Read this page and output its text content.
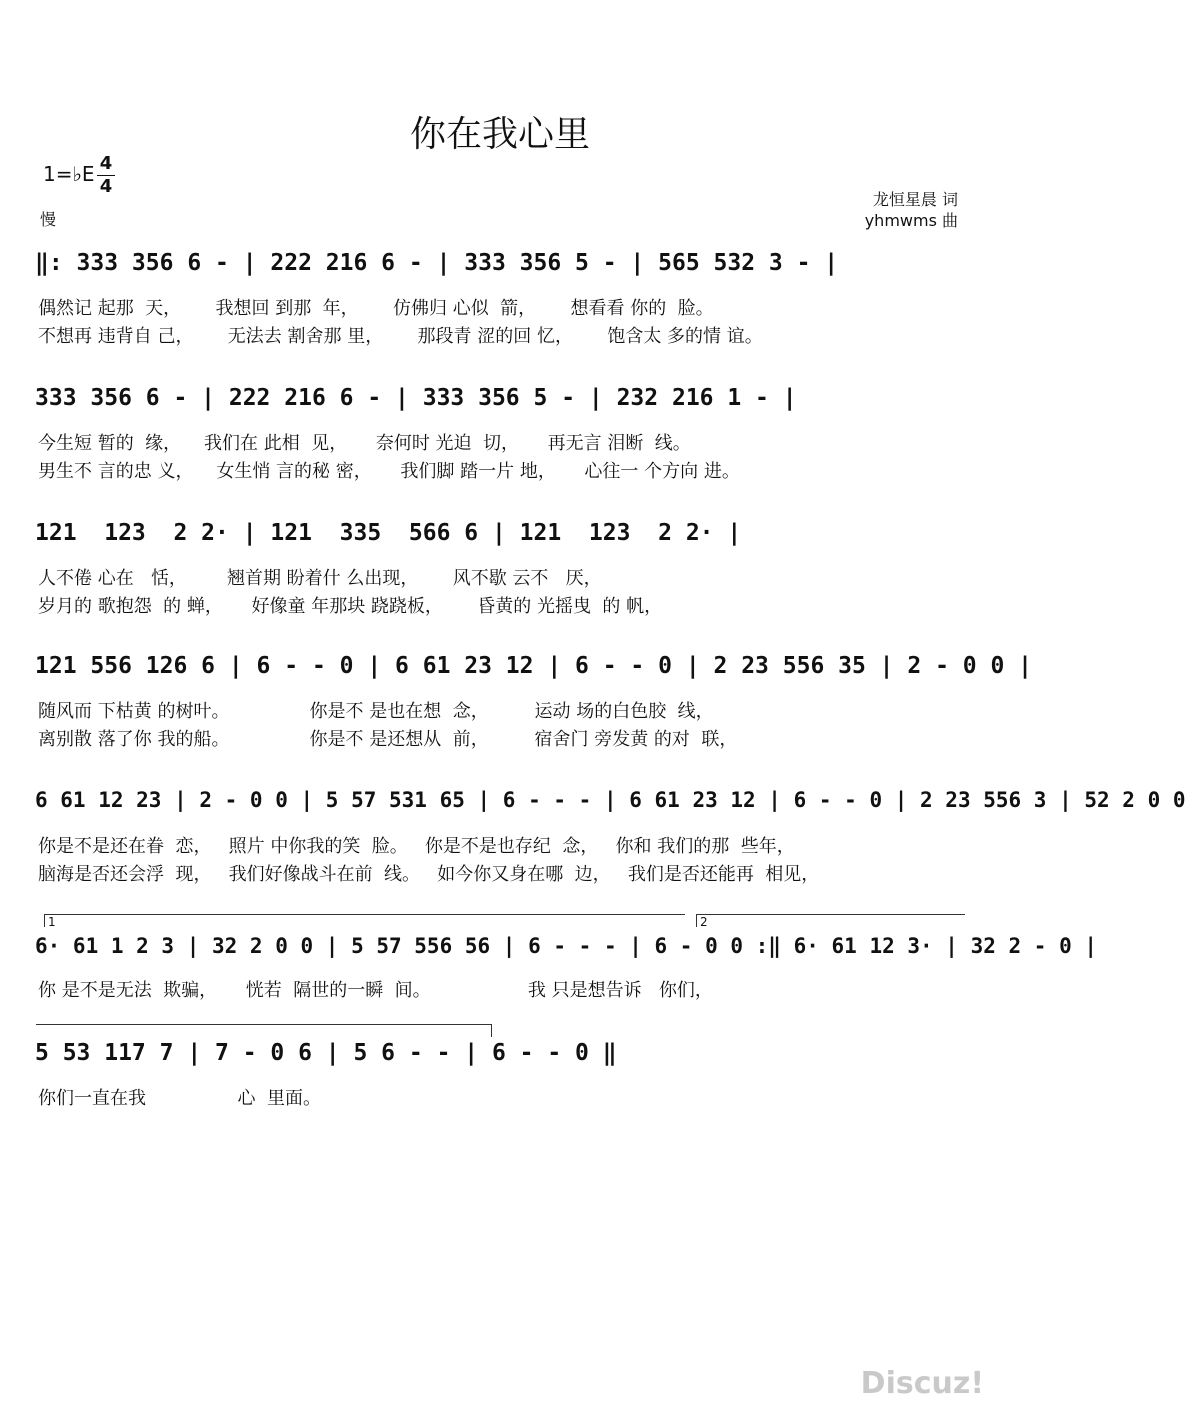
你在我心里
1=♭E 4
4
慢
龙恒星晨 词
yhmwms 曲
‖: 333 356 6 - | 222 216 6 - | 333 356 5 - | 565 532 3 - |
偶然记 起那  天，      我想回 到那  年，      仿佛归 心似  箭，      想看看 你的  脸。
不想再 违背自 己，      无法去 割舍那 里，      那段青 涩的回 忆，      饱含太 多的情 谊。
333 356 6 - | 222 216 6 - | 333 356 5 - | 232 216 1 - |
今生短 暂的  缘，    我们在 此相  见，     奈何时 光迫  切，     再无言 泪断  线。
男生不 言的忠 义，    女生悄 言的秘 密，     我们脚 踏一片 地，     心往一 个方向 进。
121  123  2 2· | 121  335  566 6 | 121  123  2 2· |
人不倦 心在   恬，       翘首期 盼着什 么出现，      风不歇 云不   厌，
岁月的 歌抱怨  的 蝉，     好像童 年那块 跷跷板，      昏黄的 光摇曳  的 帆，
121 556 126 6 | 6 - - 0 | 6 61 23 12 | 6 - - 0 | 2 23 556 35 | 2 - 0 0 |
随风而 下枯黄 的树叶。              你是不 是也在想  念，        运动 场的白色胶  线，
离别散 落了你 我的船。              你是不 是还想从  前，        宿舍门 旁发黄 的对  联，
6 61 12 23 | 2 - 0 0 | 5 57 531 65 | 6 - - - | 6 61 23 12 | 6 - - 0 | 2 23 556 3 | 52 2 0 0
你是不是还在眷  恋，   照片 中你我的笑  脸。   你是不是也存纪  念，   你和 我们的那  些年，
脑海是否还会浮  现，   我们好像战斗在前  线。   如今你又身在哪  边，   我们是否还能再  相见，
1	2
6· 61 1 2 3 | 32 2 0 0 | 5 57 556 56 | 6 - - - | 6 - 0 0 :‖ 6· 61 12 3· | 32 2 - 0 |
你 是不是无法  欺骗，     恍若  隔世的一瞬  间。                 我 只是想告诉   你们，
5 53 117 7 | 7 - 0 6 | 5 6 - - | 6 - - 0 ‖
你们一直在我                心  里面。
Discuz!
